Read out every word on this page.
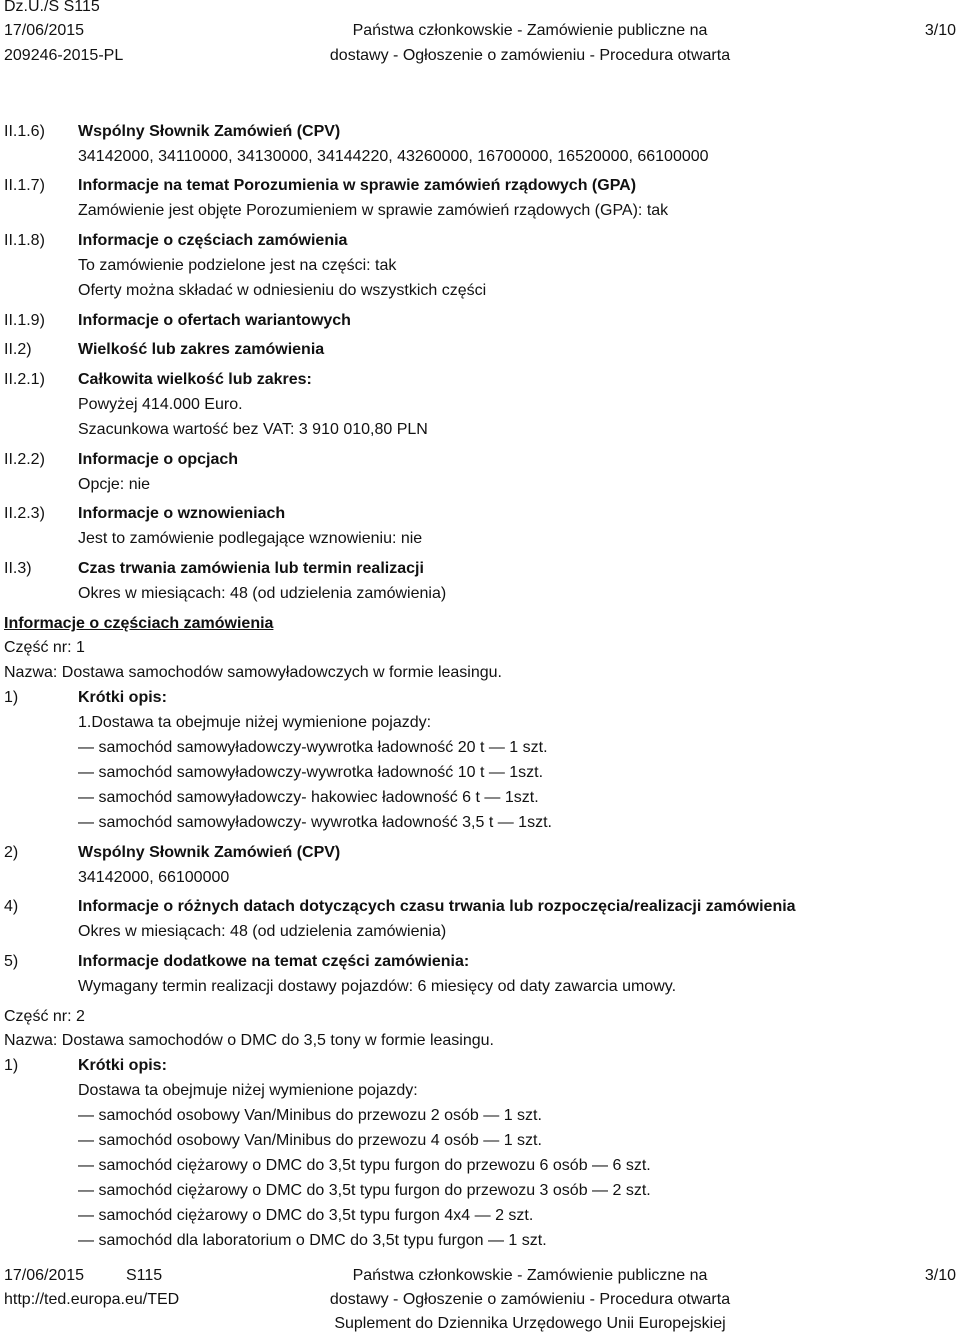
Dz.U./S S115
17/06/2015
209246-2015-PL
Państwa członkowskie - Zamówienie publiczne na
dostawy - Ogłoszenie o zamówieniu - Procedura otwarta
3/10
II.1.6) Wspólny Słownik Zamówień (CPV)
34142000, 34110000, 34130000, 34144220, 43260000, 16700000, 16520000, 66100000
II.1.7) Informacje na temat Porozumienia w sprawie zamówień rządowych (GPA)
Zamówienie jest objęte Porozumieniem w sprawie zamówień rządowych (GPA): tak
II.1.8) Informacje o częściach zamówienia
To zamówienie podzielone jest na części: tak
Oferty można składać w odniesieniu do wszystkich części
II.1.9) Informacje o ofertach wariantowych
II.2)	Wielkość lub zakres zamówienia
II.2.1) Całkowita wielkość lub zakres:
Powyżej 414.000 Euro.
Szacunkowa wartość bez VAT: 3 910 010,80 PLN
II.2.2) Informacje o opcjach
Opcje: nie
II.2.3) Informacje o wznowieniach
Jest to zamówienie podlegające wznowieniu: nie
II.3)	Czas trwania zamówienia lub termin realizacji
Okres w miesiącach: 48 (od udzielenia zamówienia)
Informacje o częściach zamówienia
Część nr: 1
Nazwa: Dostawa samochodów samowyładowczych w formie leasingu.
1)	Krótki opis:
1.Dostawa ta obejmuje niżej wymienione pojazdy:
— samochód samowyładowczy-wywrotka ładowność 20 t — 1 szt.
— samochód samowyładowczy-wywrotka ładowność 10 t — 1szt.
— samochód samowyładowczy- hakowiec ładowność 6 t — 1szt.
— samochód samowyładowczy- wywrotka ładowność 3,5 t — 1szt.
2)	Wspólny Słownik Zamówień (CPV)
34142000, 66100000
4)	Informacje o różnych datach dotyczących czasu trwania lub rozpoczęcia/realizacji zamówienia
Okres w miesiącach: 48 (od udzielenia zamówienia)
5)	Informacje dodatkowe na temat części zamówienia:
Wymagany termin realizacji dostawy pojazdów: 6 miesięcy od daty zawarcia umowy.
Część nr: 2
Nazwa: Dostawa samochodów o DMC do 3,5 tony w formie leasingu.
1)	Krótki opis:
Dostawa ta obejmuje niżej wymienione pojazdy:
— samochód osobowy Van/Minibus do przewozu 2 osób — 1 szt.
— samochód osobowy Van/Minibus do przewozu 4 osób — 1 szt.
— samochód ciężarowy o DMC do 3,5t typu furgon do przewozu 6 osób — 6 szt.
— samochód ciężarowy o DMC do 3,5t typu furgon do przewozu 3 osób — 2 szt.
— samochód ciężarowy o DMC do 3,5t typu furgon 4x4 — 2 szt.
— samochód dla laboratorium o DMC do 3,5t typu furgon — 1 szt.
17/06/2015	S115
http://ted.europa.eu/TED
Państwa członkowskie - Zamówienie publiczne na
dostawy - Ogłoszenie o zamówieniu - Procedura otwarta
Suplement do Dziennika Urzędowego Unii Europejskiej
3/10
